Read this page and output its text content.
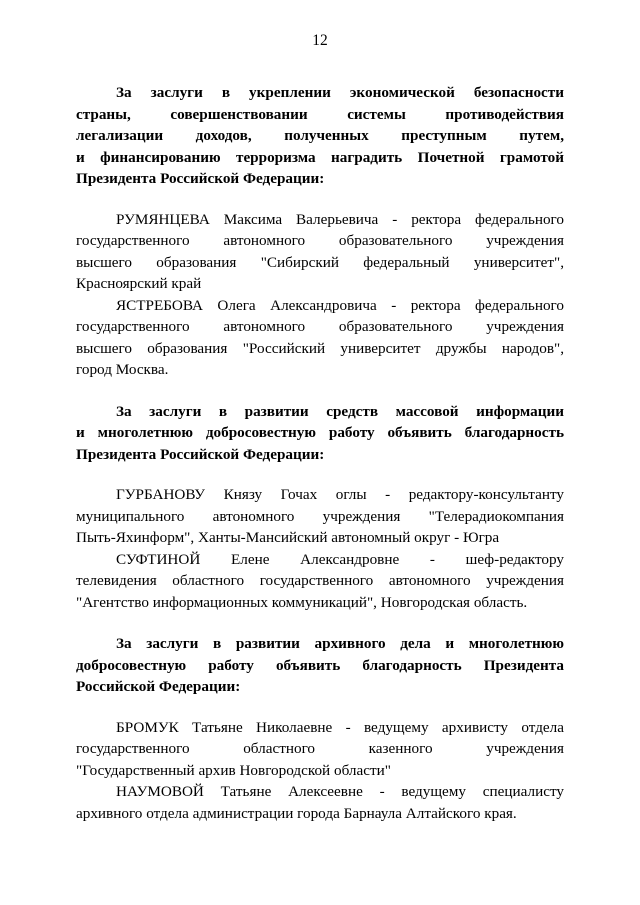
12
За заслуги в укреплении экономической безопасности
страны, совершенствовании системы противодействия
легализации доходов, полученных преступным путем,
и финансированию терроризма наградить Почетной грамотой
Президента Российской Федерации:
РУМЯНЦЕВА Максима Валерьевича - ректора федерального
государственного автономного образовательного учреждения
высшего образования "Сибирский федеральный университет",
Красноярский край
ЯСТРЕБОВА Олега Александровича - ректора федерального
государственного автономного образовательного учреждения
высшего образования "Российский университет дружбы народов",
город Москва.
За заслуги в развитии средств массовой информации
и многолетнюю добросовестную работу объявить благодарность
Президента Российской Федерации:
ГУРБАНОВУ Князу Гочах оглы - редактору-консультанту
муниципального автономного учреждения "Телерадиокомпания
Пыть-Яхинформ", Ханты-Мансийский автономный округ - Югра
СУФТИНОЙ Елене Александровне - шеф-редактору
телевидения областного государственного автономного учреждения
"Агентство информационных коммуникаций", Новгородская область.
За заслуги в развитии архивного дела и многолетнюю
добросовестную работу объявить благодарность Президента
Российской Федерации:
БРОМУК Татьяне Николаевне - ведущему архивисту отдела
государственного областного казенного учреждения
"Государственный архив Новгородской области"
НАУМОВОЙ Татьяне Алексеевне - ведущему специалисту
архивного отдела администрации города Барнаула Алтайского края.
